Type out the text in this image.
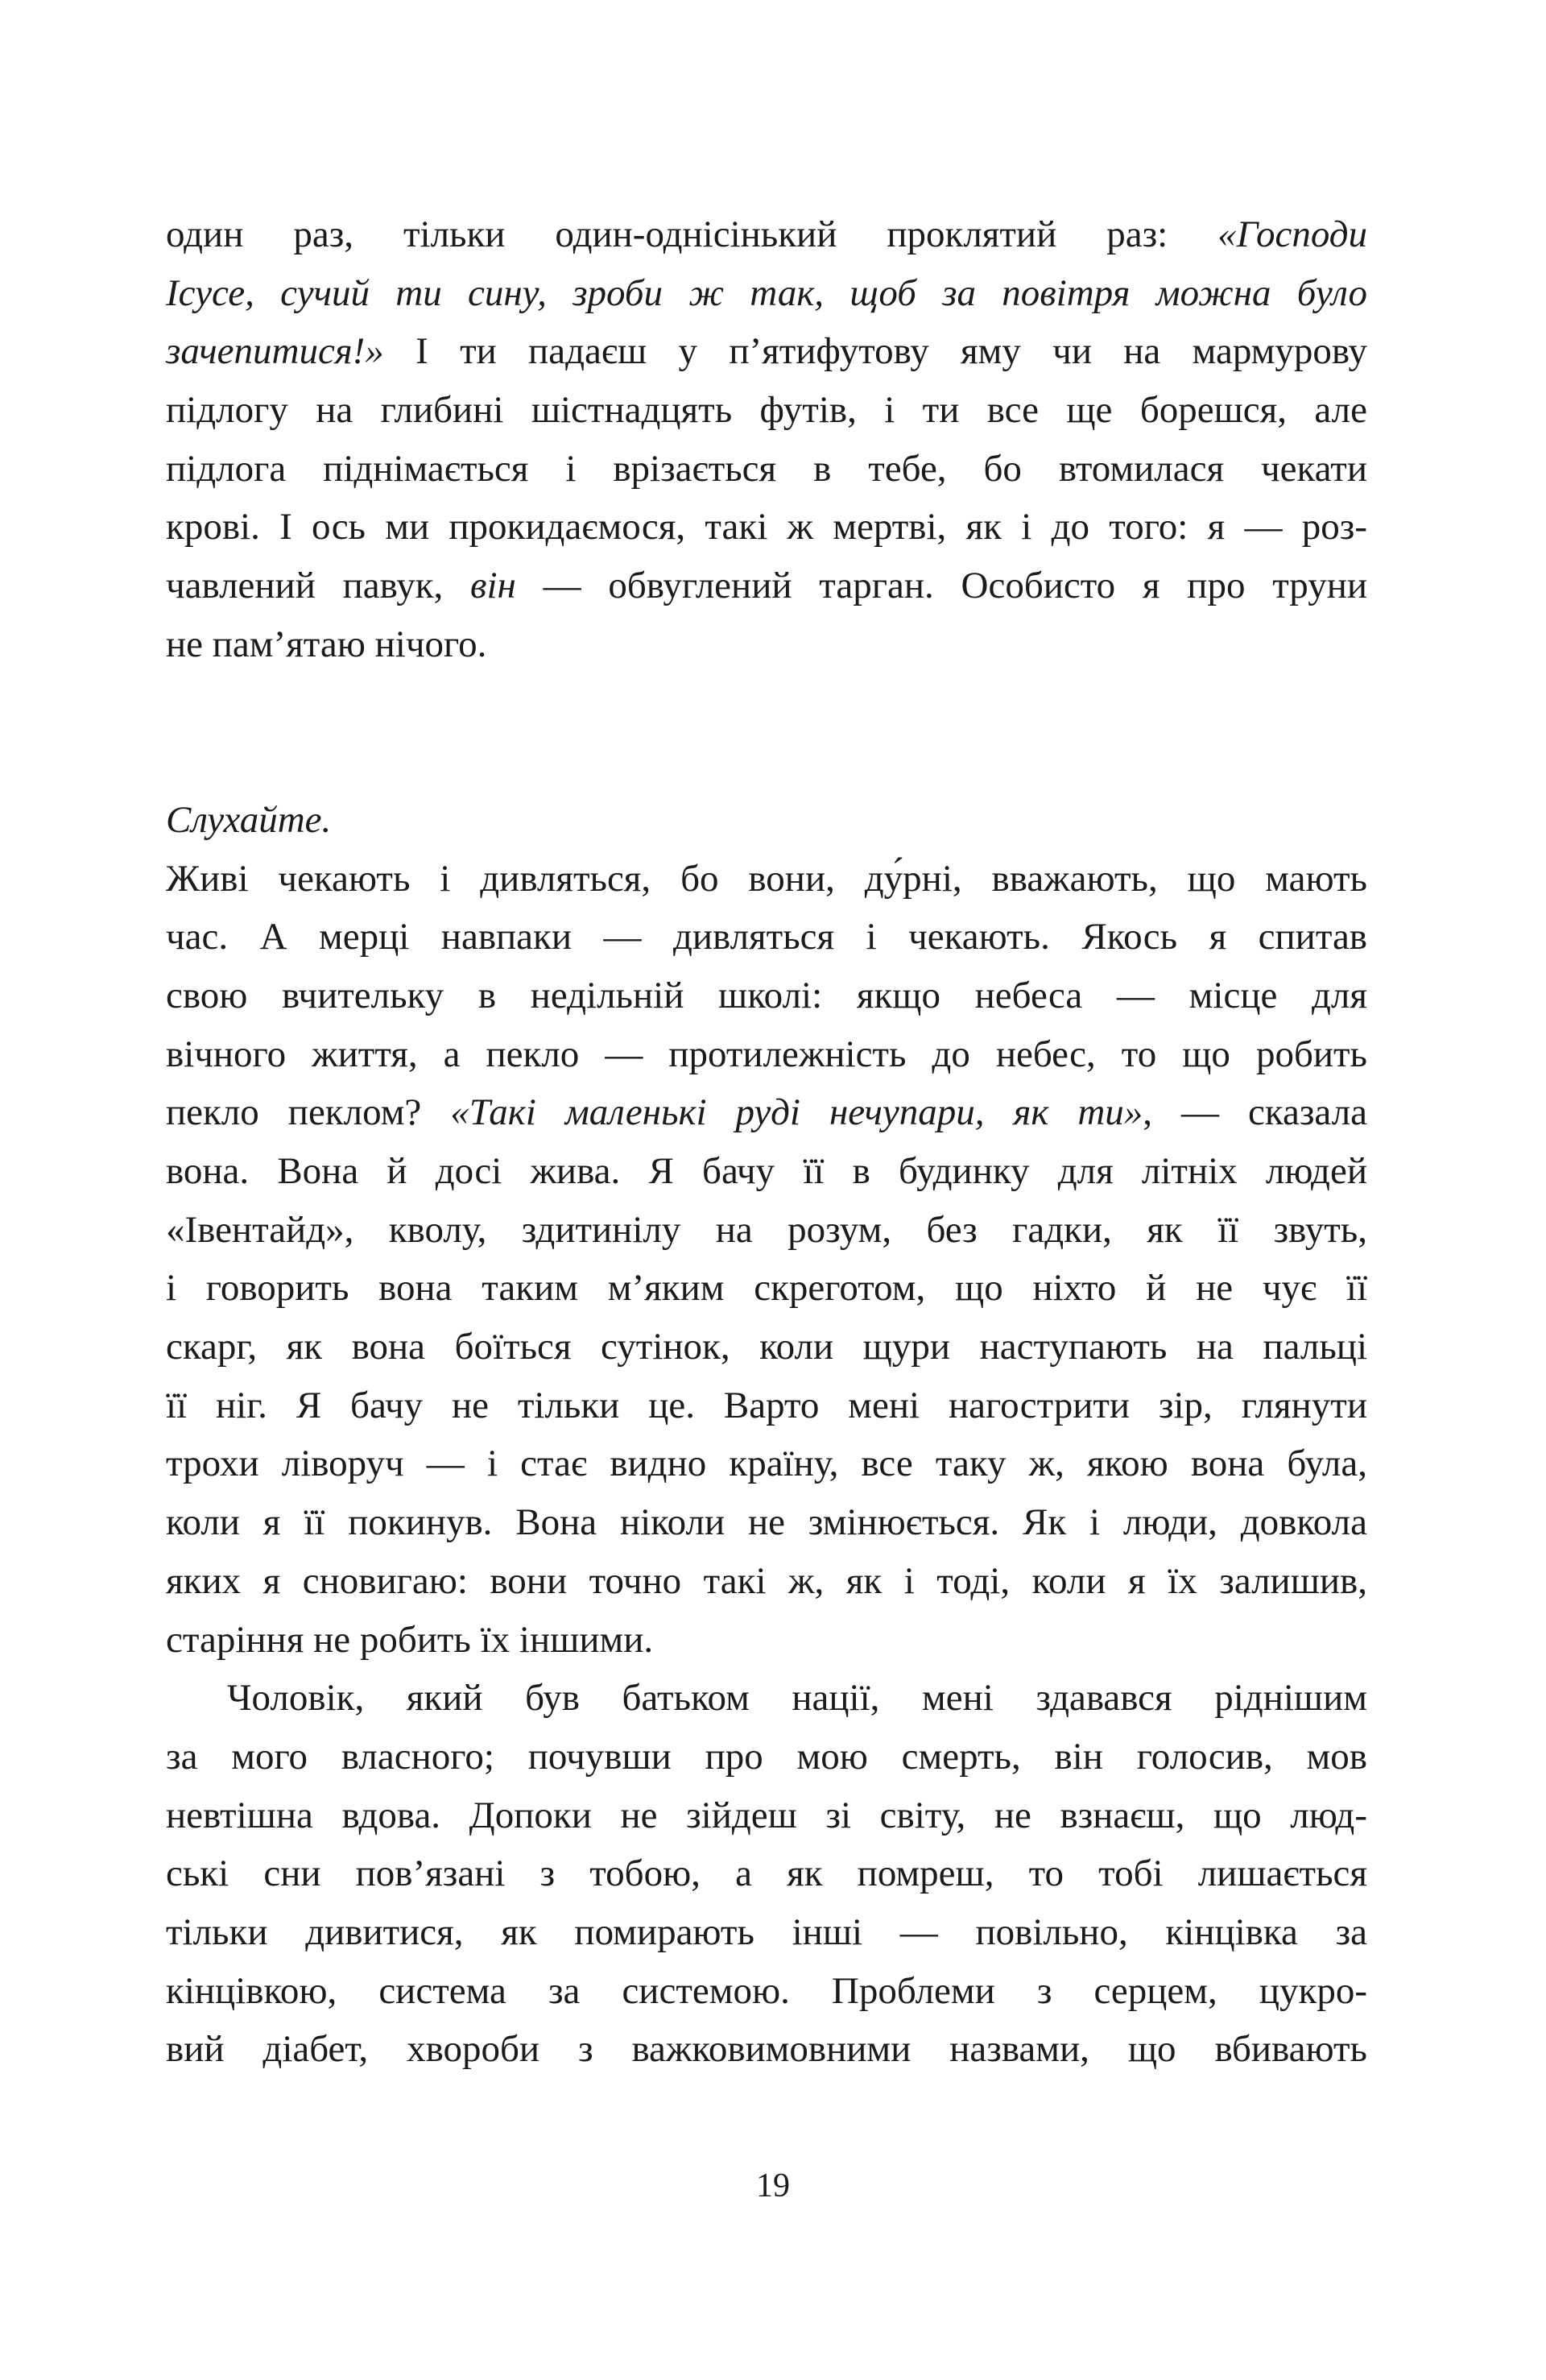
один раз, тільки один-однісінький проклятий раз: «Господи
Ісусе, сучий ти сину, зроби ж так, щоб за повітря можна було
зачепитися!» І ти падаєш у п’ятифутову яму чи на мармурову
підлогу на глибині шістнадцять футів, і ти все ще борешся, але
підлога піднімається і врізається в тебе, бо втомилася чекати
крові. І ось ми прокидаємося, такі ж мертві, як і до того: я — роз-
чавлений павук, він — обвуглений тарган. Особисто я про труни
не пам’ятаю нічого.
Слухайте.
Живі чекають і дивляться, бо вони, ду́рні, вважають, що мають
час. А мерці навпаки — дивляться і чекають. Якось я спитав
свою вчительку в недільній школі: якщо небеса — місце для
вічного життя, а пекло — протилежність до небес, то що робить
пекло пеклом? «Такі маленькі руді нечупари, як ти», — сказала
вона. Вона й досі жива. Я бачу її в будинку для літніх людей
«Івентайд», кволу, здитинілу на розум, без гадки, як її звуть,
і говорить вона таким м’яким скреготом, що ніхто й не чує її
скарг, як вона боїться сутінок, коли щури наступають на пальці
її ніг. Я бачу не тільки це. Варто мені нагострити зір, глянути
трохи ліворуч — і стає видно країну, все таку ж, якою вона була,
коли я її покинув. Вона ніколи не змінюється. Як і люди, довкола
яких я сновигаю: вони точно такі ж, як і тоді, коли я їх залишив,
старіння не робить їх іншими.
Чоловік, який був батьком нації, мені здавався ріднішим
за мого власного; почувши про мою смерть, він голосив, мов
невтішна вдова. Допоки не зійдеш зі світу, не взнаєш, що люд-
ські сни пов’язані з тобою, а як помреш, то тобі лишається
тільки дивитися, як помирають інші — повільно, кінцівка за
кінцівкою, система за системою. Проблеми з серцем, цукро-
вий діабет, хвороби з важковимовними назвами, що вбивають
19
